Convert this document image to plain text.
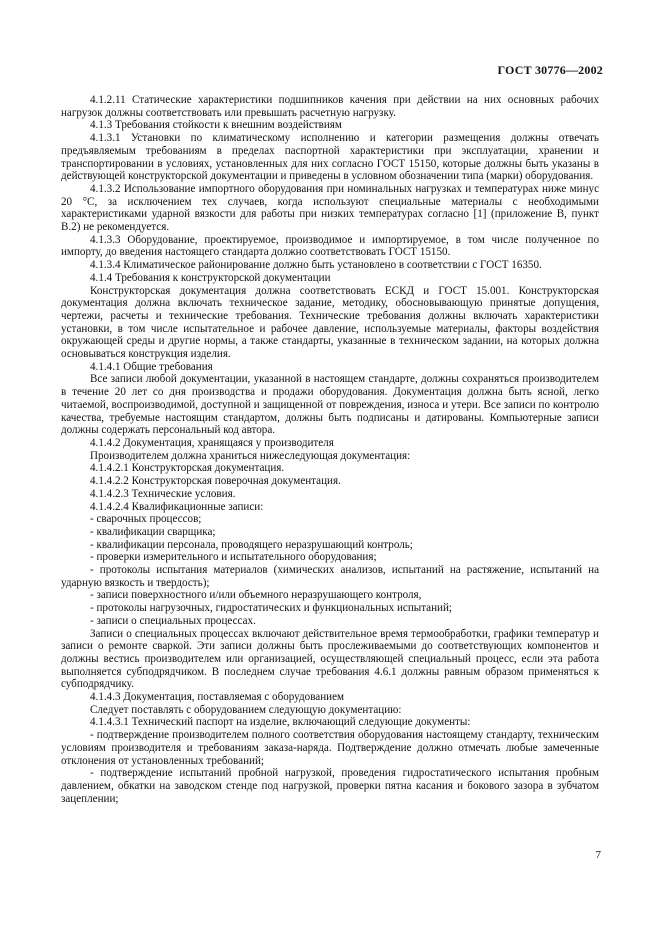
ГОСТ 30776—2002

4.1.2.11 Статические характеристики подшипников качения при действии на них основных рабочих нагрузок должны соответствовать или превышать расчетную нагрузку.

4.1.3 Требования стойкости к внешним воздействиям

4.1.3.1 Установки по климатическому исполнению и категории размещения должны отвечать предъявляемым требованиям в пределах паспортной характеристики при эксплуатации, хранении и транспортировании в условиях, установленных для них согласно ГОСТ 15150, которые должны быть указаны в действующей конструкторской документации и приведены в условном обозначении типа (марки) оборудования.

4.1.3.2 Использование импортного оборудования при номинальных нагрузках и температурах ниже минус 20 °С, за исключением тех случаев, когда используют специальные материалы с необходимыми характеристиками ударной вязкости для работы при низких температурах согласно [1] (приложение В, пункт В.2) не рекомендуется.

4.1.3.3 Оборудование, проектируемое, производимое и импортируемое, в том числе полученное по импорту, до введения настоящего стандарта должно соответствовать ГОСТ 15150.

4.1.3.4 Климатическое районирование должно быть установлено в соответствии с ГОСТ 16350.

4.1.4 Требования к конструкторской документации

Конструкторская документация должна соответствовать ЕСКД и ГОСТ 15.001. Конструкторская документация должна включать техническое задание, методику, обосновывающую принятые допущения, чертежи, расчеты и технические требования. Технические требования должны включать характеристики установки, в том числе испытательное и рабочее давление, используемые материалы, факторы воздействия окружающей среды и другие нормы, а также стандарты, указанные в техническом задании, на которых должна основываться конструкция изделия.

4.1.4.1 Общие требования

Все записи любой документации, указанной в настоящем стандарте, должны сохраняться производителем в течение 20 лет со дня производства и продажи оборудования. Документация должна быть ясной, легко читаемой, воспроизводимой, доступной и защищенной от повреждения, износа и утери. Все записи по контролю качества, требуемые настоящим стандартом, должны быть подписаны и датированы. Компьютерные записи должны содержать персональный код автора.

4.1.4.2 Документация, хранящаяся у производителя

Производителем должна храниться нижеследующая документация:

4.1.4.2.1 Конструкторская документация.

4.1.4.2.2 Конструкторская поверочная документация.

4.1.4.2.3 Технические условия.

4.1.4.2.4 Квалификационные записи:

- сварочных процессов;

- квалификации сварщика;

- квалификации персонала, проводящего неразрушающий контроль;

- проверки измерительного и испытательного оборудования;

- протоколы испытания материалов (химических анализов, испытаний на растяжение, испытаний на ударную вязкость и твердость);

- записи поверхностного и/или объемного неразрушающего контроля,

- протоколы нагрузочных, гидростатических и функциональных испытаний;

- записи о специальных процессах.

Записи о специальных процессах включают действительное время термообработки, графики температур и записи о ремонте сваркой. Эти записи должны быть прослеживаемыми до соответствующих компонентов и должны вестись производителем или организацией, осуществляющей специальный процесс, если эта работа выполняется субподрядчиком. В последнем случае требования 4.6.1 должны равным образом применяться к субподрядчику.

4.1.4.3 Документация, поставляемая с оборудованием

Следует поставлять с оборудованием следующую документацию:

4.1.4.3.1 Технический паспорт на изделие, включающий следующие документы:

- подтверждение производителем полного соответствия оборудования настоящему стандарту, техническим условиям производителя и требованиям заказа-наряда. Подтверждение должно отмечать любые замеченные отклонения от установленных требований;

- подтверждение испытаний пробной нагрузкой, проведения гидростатического испытания пробным давлением, обкатки на заводском стенде под нагрузкой, проверки пятна касания и бокового зазора в зубчатом зацеплении;

7
